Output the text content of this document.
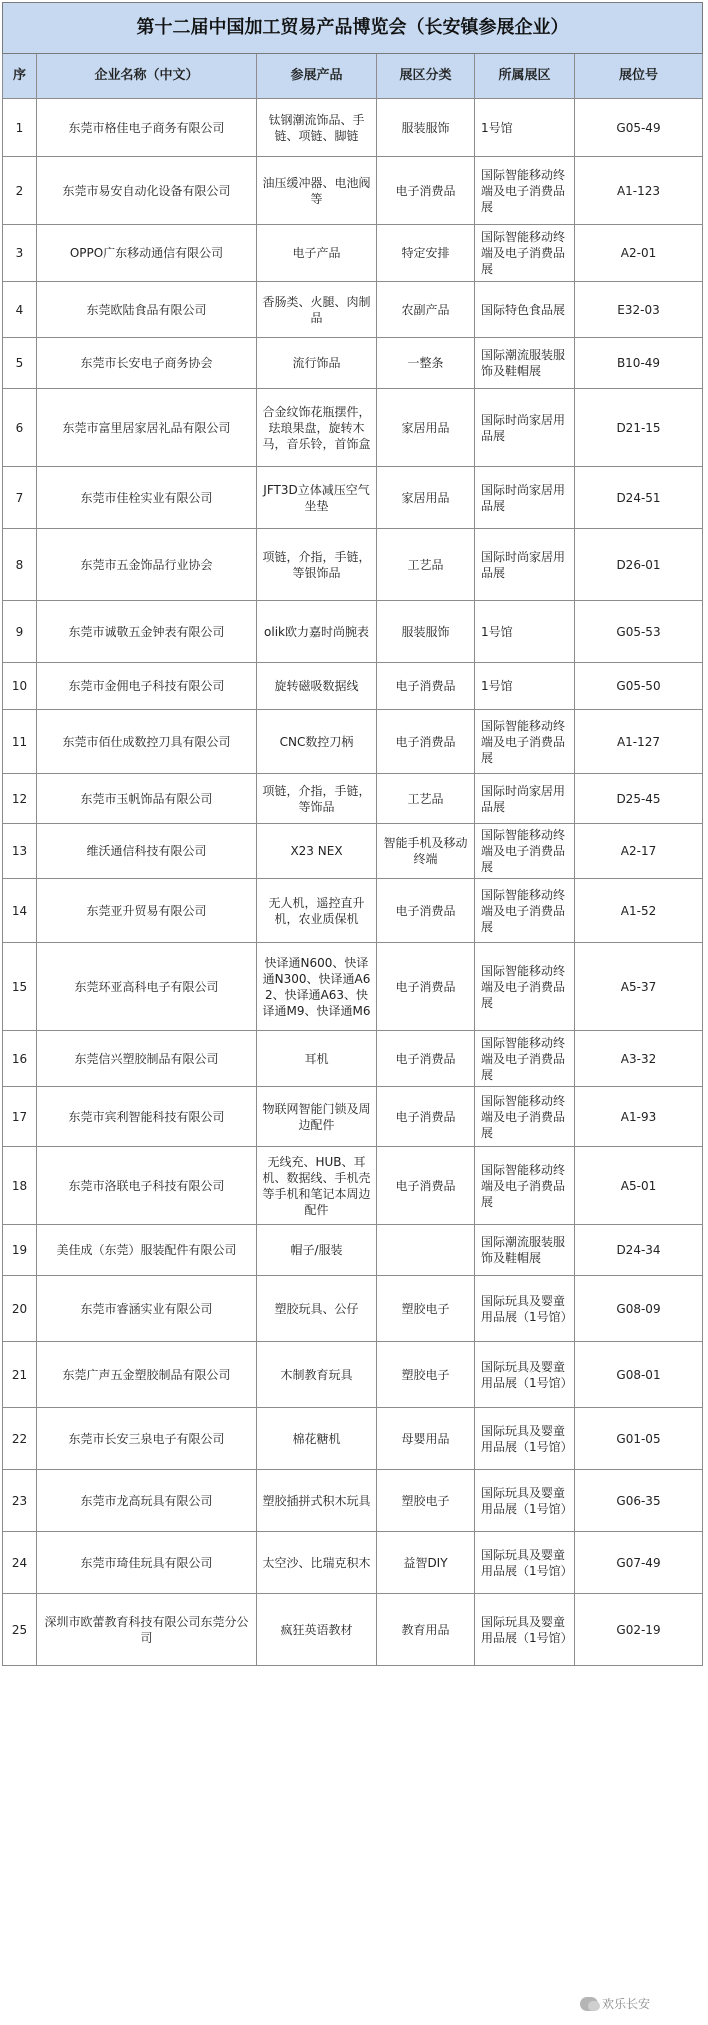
第十二届中国加工贸易产品博览会（长安镇参展企业）					
序	企业名称（中文）	参展产品	展区分类	所属展区	展位号
1	东莞市格佳电子商务有限公司	钛钢潮流饰品、手链、项链、脚链	服装服饰	1号馆	G05-49
2	东莞市易安自动化设备有限公司	油压缓冲器、电池阀等	电子消费品	国际智能移动终端及电子消费品展	A1-123
3	OPPO广东移动通信有限公司	电子产品	特定安排	国际智能移动终端及电子消费品展	A2-01
4	东莞欧陆食品有限公司	香肠类、火腿、肉制品	农副产品	国际特色食品展	E32-03
5	东莞市长安电子商务协会	流行饰品	一整条	国际潮流服装服饰及鞋帽展	B10-49
6	东莞市富里居家居礼品有限公司	合金纹饰花瓶摆件，珐琅果盘，旋转木马，音乐铃，首饰盒	家居用品	国际时尚家居用品展	D21-15
7	东莞市佳栓实业有限公司	JFT3D立体减压空气坐垫	家居用品	国际时尚家居用品展	D24-51
8	东莞市五金饰品行业协会	项链，介指，手链，等银饰品	工艺品	国际时尚家居用品展	D26-01
9	东莞市诚敬五金钟表有限公司	olik欧力嘉时尚腕表	服装服饰	1号馆	G05-53
10	东莞市金佣电子科技有限公司	旋转磁吸数据线	电子消费品	1号馆	G05-50
11	东莞市佰仕成数控刀具有限公司	CNC数控刀柄	电子消费品	国际智能移动终端及电子消费品展	A1-127
12	东莞市玉帆饰品有限公司	项链，介指，手链，等饰品	工艺品	国际时尚家居用品展	D25-45
13	维沃通信科技有限公司	X23 NEX	智能手机及移动终端	国际智能移动终端及电子消费品展	A2-17
14	东莞亚升贸易有限公司	无人机，遥控直升机，农业质保机	电子消费品	国际智能移动终端及电子消费品展	A1-52
15	东莞环亚高科电子有限公司	快译通N600、快译通N300、快译通A62、快译通A63、快译通M9、快译通M6	电子消费品	国际智能移动终端及电子消费品展	A5-37
16	东莞信兴塑胶制品有限公司	耳机	电子消费品	国际智能移动终端及电子消费品展	A3-32
17	东莞市宾利智能科技有限公司	物联网智能门锁及周边配件	电子消费品	国际智能移动终端及电子消费品展	A1-93
18	东莞市洛联电子科技有限公司	无线充、HUB、耳机、数据线、手机壳等手机和笔记本周边配件	电子消费品	国际智能移动终端及电子消费品展	A5-01
19	美佳成（东莞）服装配件有限公司	帽子/服装		国际潮流服装服饰及鞋帽展	D24-34
20	东莞市睿涵实业有限公司	塑胶玩具、公仔	塑胶电子	国际玩具及婴童用品展（1号馆）	G08-09
21	东莞广声五金塑胶制品有限公司	木制教育玩具	塑胶电子	国际玩具及婴童用品展（1号馆）	G08-01
22	东莞市长安三泉电子有限公司	棉花糖机	母婴用品	国际玩具及婴童用品展（1号馆）	G01-05
23	东莞市龙高玩具有限公司	塑胶插拼式积木玩具	塑胶电子	国际玩具及婴童用品展（1号馆）	G06-35
24	东莞市琦佳玩具有限公司	太空沙、比瑞克积木	益智DIY	国际玩具及婴童用品展（1号馆）	G07-49
25	深圳市欧蕾教育科技有限公司东莞分公司	疯狂英语教材	教育用品	国际玩具及婴童用品展（1号馆）	G02-19
欢乐长安
